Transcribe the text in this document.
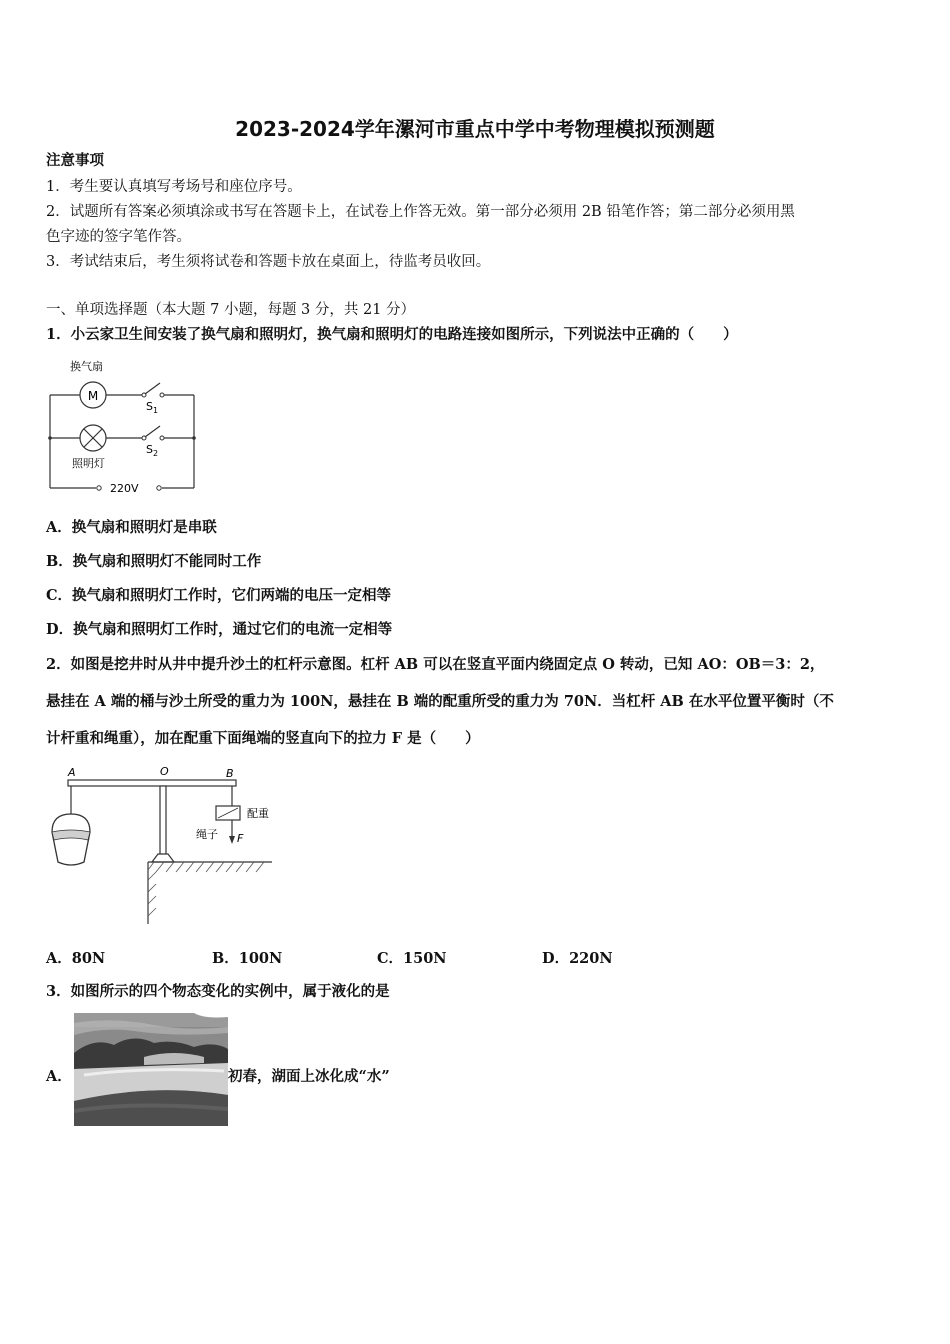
2023-2024学年漯河市重点中学中考物理模拟预测题
注意事项
1．考生要认真填写考场号和座位序号。
2．试题所有答案必须填涂或书写在答题卡上，在试卷上作答无效。第一部分必须用 2B 铅笔作答；第二部分必须用黑
色字迹的签字笔作答。
3．考试结束后，考生须将试卷和答题卡放在桌面上，待监考员收回。
一、单项选择题（本大题 7 小题，每题 3 分，共 21 分）
1．小云家卫生间安装了换气扇和照明灯，换气扇和照明灯的电路连接如图所示，下列说法中正确的（　　）
换气扇
M
$S_1$
$S_2$
照明灯
220V
A．换气扇和照明灯是串联
B．换气扇和照明灯不能同时工作
C．换气扇和照明灯工作时，它们两端的电压一定相等
D．换气扇和照明灯工作时，通过它们的电流一定相等
2．如图是挖井时从井中提升沙土的杠杆示意图。杠杆 AB 可以在竖直平面内绕固定点 O 转动，已知 AO：OB＝3：2，
悬挂在 A 端的桶与沙土所受的重力为 100N，悬挂在 B 端的配重所受的重力为 70N．当杠杆 AB 在水平位置平衡时（不
计杆重和绳重），加在配重下面绳端的竖直向下的拉力 F 是（　　）
A	O	B
配重
绳子 F
A．80N	B．100N	C．150N	D．220N
3．如图所示的四个物态变化的实例中，属于液化的是
A．	初春，湖面上冰化成“水”
